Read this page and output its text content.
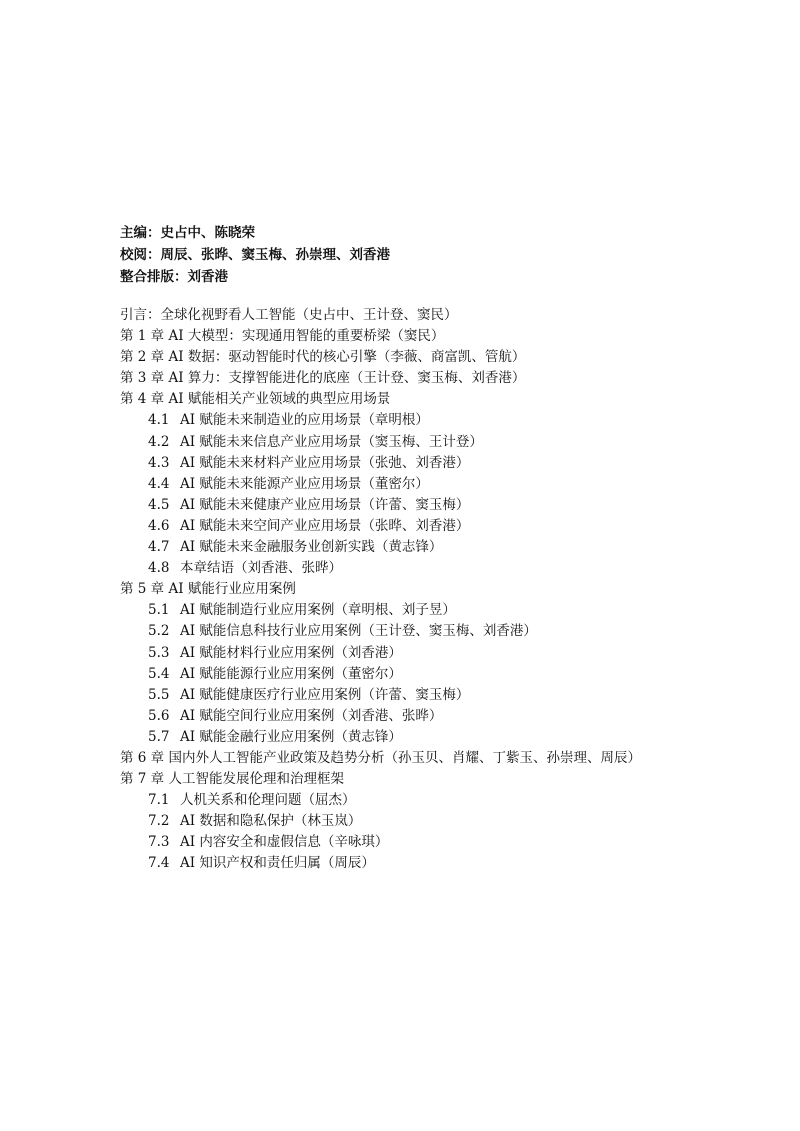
主编：史占中、陈晓荣
校阅：周辰、张晔、窦玉梅、孙崇理、刘香港
整合排版：刘香港
引言：全球化视野看人工智能（史占中、王计登、窦民）
第 1 章 AI 大模型：实现通用智能的重要桥梁（窦民）
第 2 章 AI 数据：驱动智能时代的核心引擎（李薇、商富凯、管航）
第 3 章 AI 算力：支撑智能进化的底座（王计登、窦玉梅、刘香港）
第 4 章 AI 赋能相关产业领域的典型应用场景
4.1 AI 赋能未来制造业的应用场景（章明根）
4.2 AI 赋能未来信息产业应用场景（窦玉梅、王计登）
4.3 AI 赋能未来材料产业应用场景（张弛、刘香港）
4.4 AI 赋能未来能源产业应用场景（董密尔）
4.5 AI 赋能未来健康产业应用场景（许蕾、窦玉梅）
4.6 AI 赋能未来空间产业应用场景（张晔、刘香港）
4.7 AI 赋能未来金融服务业创新实践（黄志锋）
4.8 本章结语（刘香港、张晔）
第 5 章 AI 赋能行业应用案例
5.1 AI 赋能制造行业应用案例（章明根、刘子昱）
5.2 AI 赋能信息科技行业应用案例（王计登、窦玉梅、刘香港）
5.3 AI 赋能材料行业应用案例（刘香港）
5.4 AI 赋能能源行业应用案例（董密尔）
5.5 AI 赋能健康医疗行业应用案例（许蕾、窦玉梅）
5.6 AI 赋能空间行业应用案例（刘香港、张晔）
5.7 AI 赋能金融行业应用案例（黄志锋）
第 6 章 国内外人工智能产业政策及趋势分析（孙玉贝、肖耀、丁紫玉、孙崇理、周辰）
第 7 章 人工智能发展伦理和治理框架
7.1 人机关系和伦理问题（屈杰）
7.2 AI 数据和隐私保护（林玉岚）
7.3 AI 内容安全和虚假信息（辛咏琪）
7.4 AI 知识产权和责任归属（周辰）
